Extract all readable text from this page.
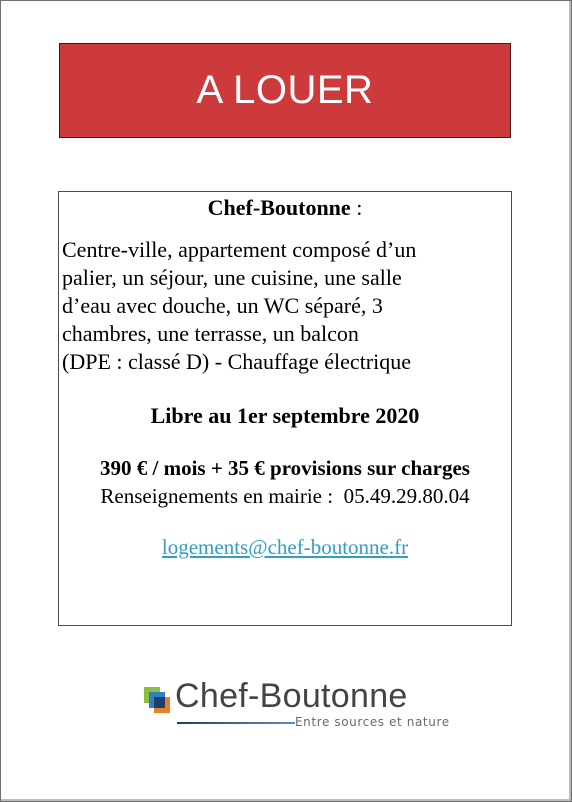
A LOUER
Chef-Boutonne :
Centre-ville, appartement composé d’un
palier, un séjour, une cuisine, une salle
d’eau avec douche, un WC séparé, 3
chambres, une terrasse, un balcon
(DPE : classé D) - Chauffage électrique
Libre au 1er septembre 2020
390 € / mois + 35 € provisions sur charges
Renseignements en mairie :  05.49.29.80.04
logements@chef-boutonne.fr
Chef-Boutonne
Entre sources et nature
